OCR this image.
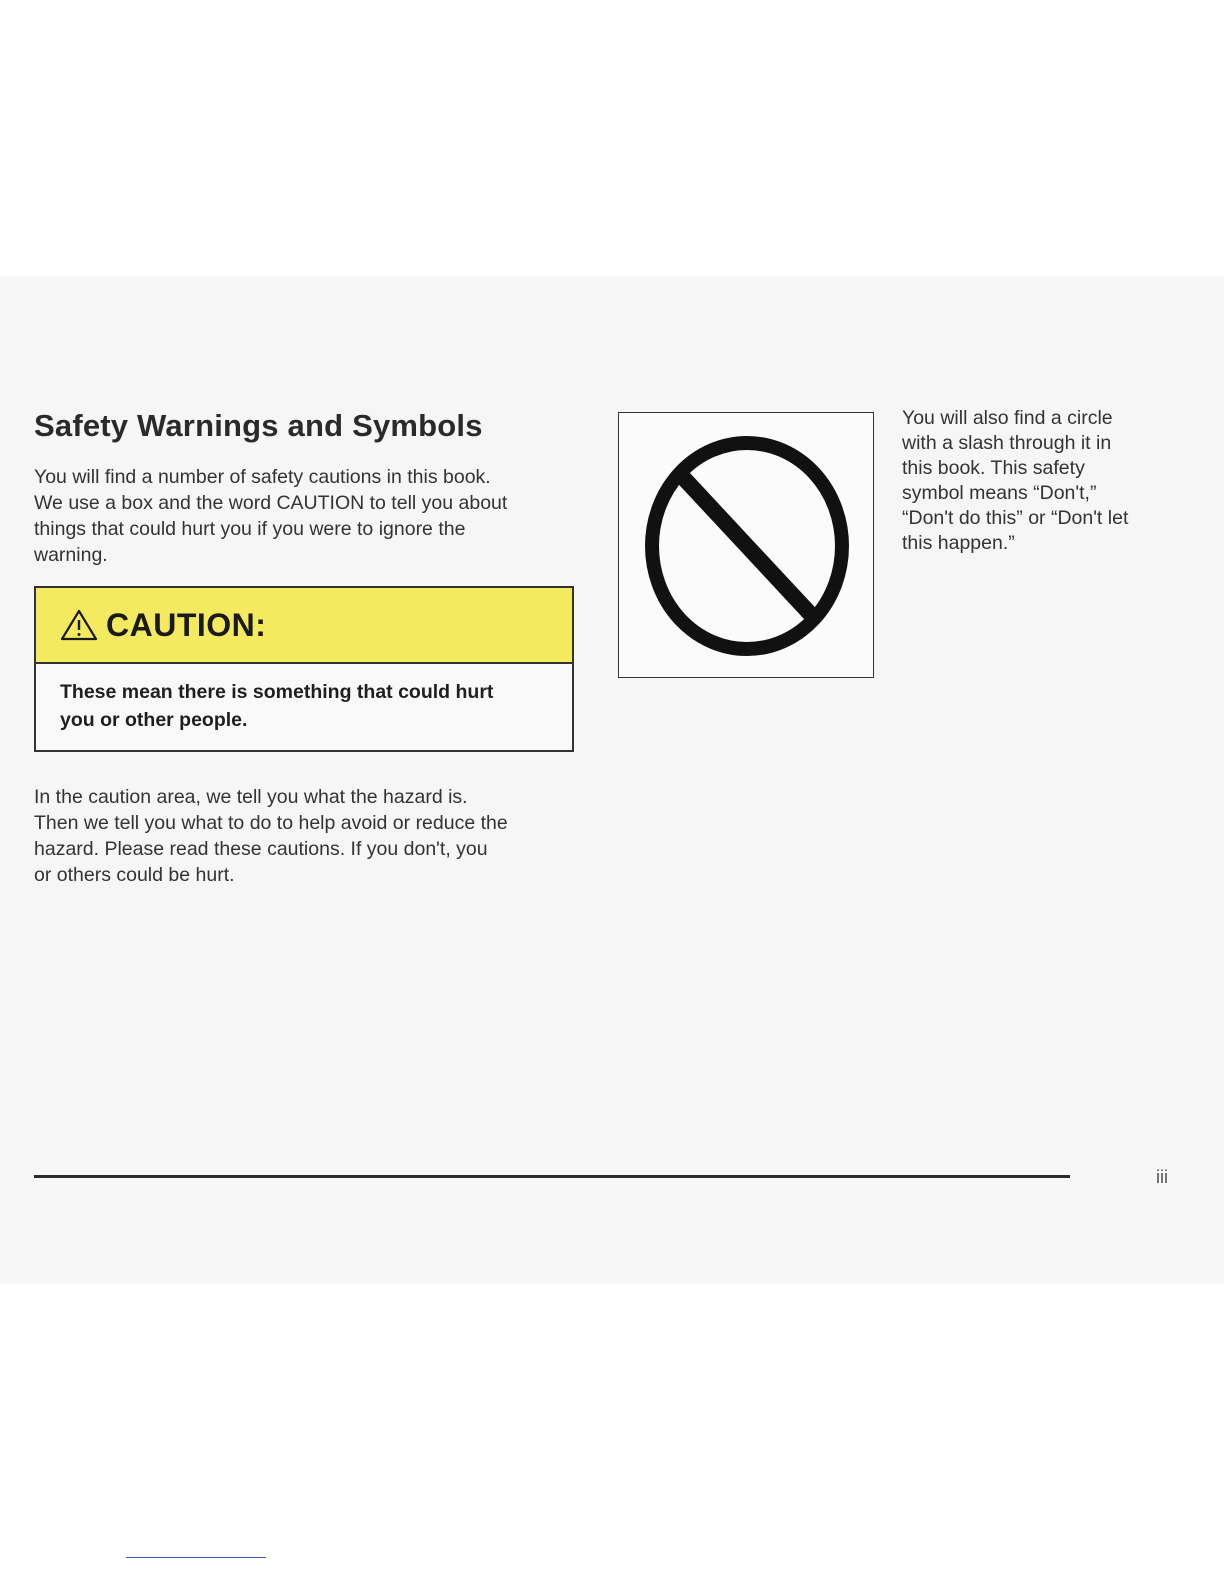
Safety Warnings and Symbols

You will find a number of safety cautions in this book.
We use a box and the word CAUTION to tell you about
things that could hurt you if you were to ignore the
warning.

CAUTION:

These mean there is something that could hurt
you or other people.

In the caution area, we tell you what the hazard is.
Then we tell you what to do to help avoid or reduce the
hazard. Please read these cautions. If you don't, you
or others could be hurt.

You will also find a circle
with a slash through it in
this book. This safety
symbol means “Don't,”
“Don't do this” or “Don't let
this happen.”

iii
